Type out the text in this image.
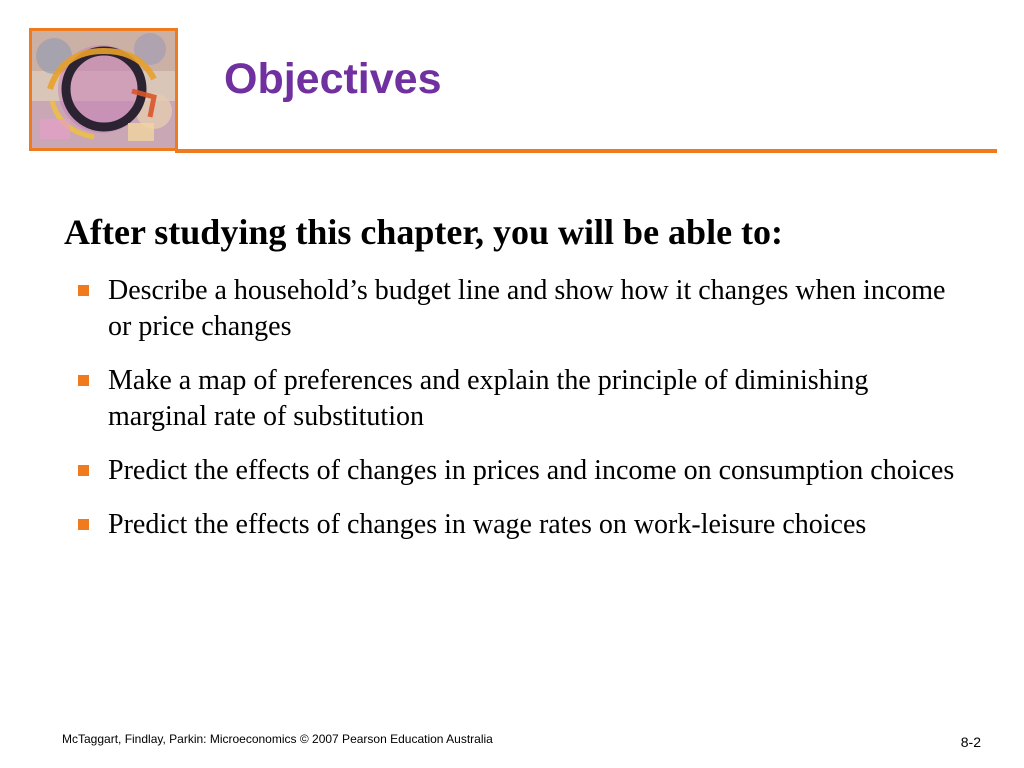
Objectives
After studying this chapter, you will be able to:
Describe a household’s budget line and show how it changes when income or price changes
Make a map of preferences and explain the principle of diminishing marginal rate of substitution
Predict the effects of changes in prices and income on consumption choices
Predict the effects of changes in wage rates on work-leisure choices
McTaggart, Findlay, Parkin: Microeconomics © 2007 Pearson Education Australia	8-2
